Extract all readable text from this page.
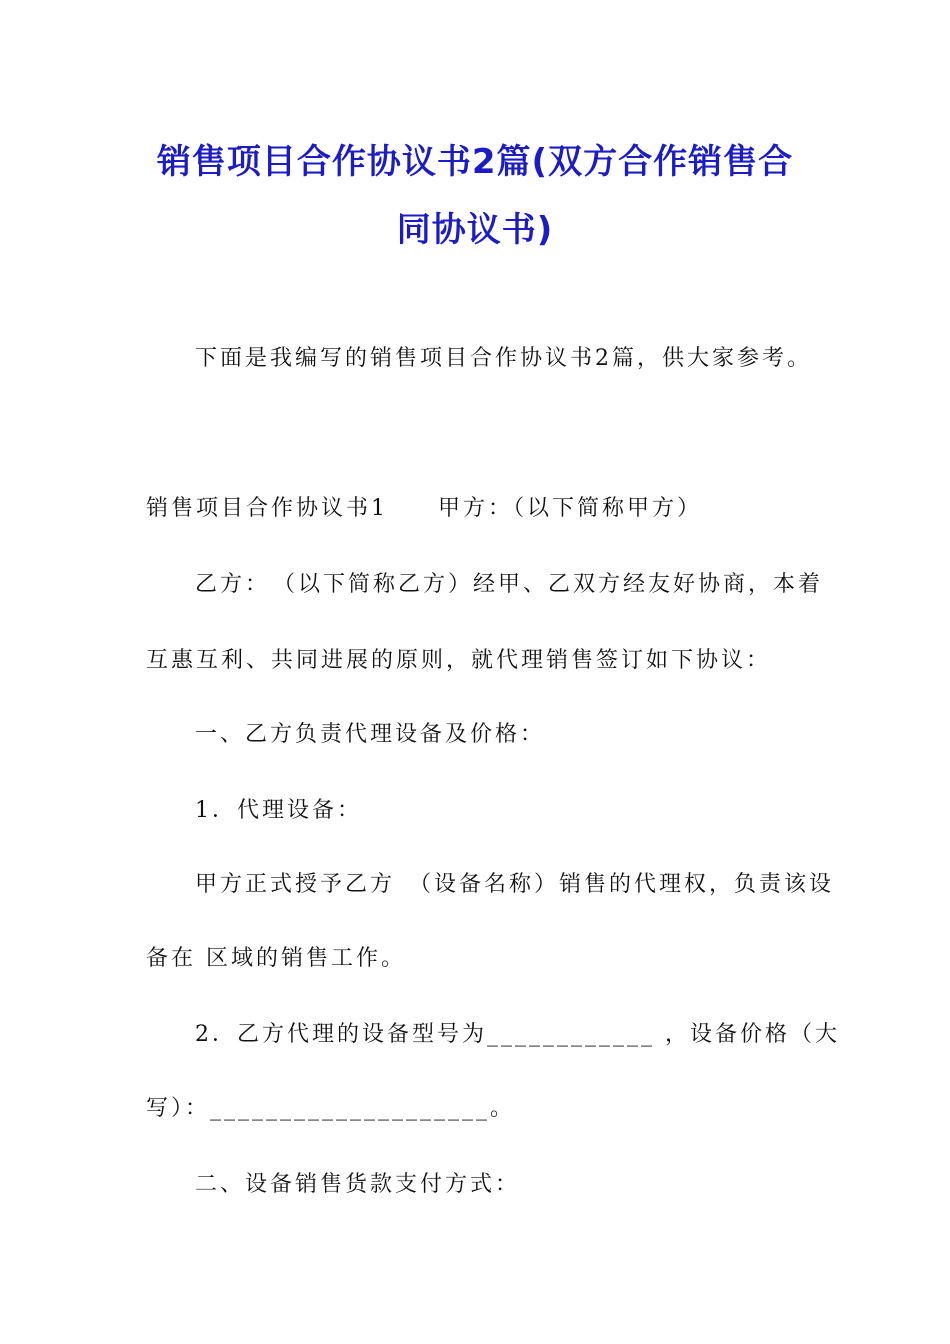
销售项目合作协议书2篇(双方合作销售合
同协议书)
下面是我编写的销售项目合作协议书2篇，供大家参考。
销售项目合作协议书1　　甲方：（以下简称甲方）
乙方：　（以下简称乙方）经甲、乙双方经友好协商，本着
互惠互利、共同进展的原则，就代理销售签订如下协议：
一、乙方负责代理设备及价格：
1．代理设备：
甲方正式授予乙方　（设备名称）销售的代理权，负责该设
备在 区域的销售工作。
2．乙方代理的设备型号为____________ ，设备价格（大
写）：____________________。
二、设备销售货款支付方式：
